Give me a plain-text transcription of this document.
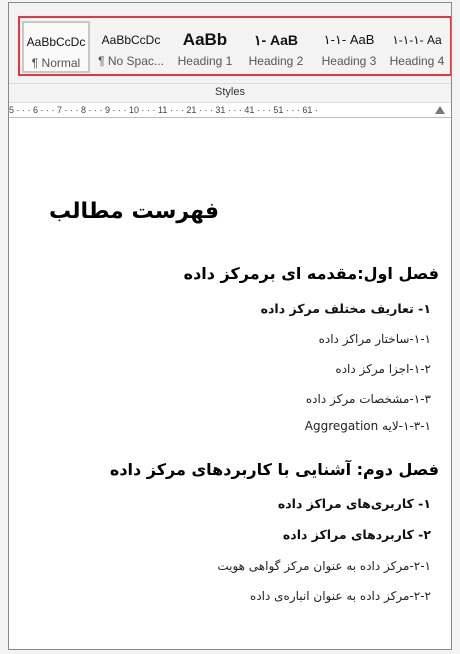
AaBbCcDc
¶ Normal
AaBbCcDc
¶ No Spac...
AaBb
Heading 1
۱- AaB
Heading 2
۱-۱- AaB
Heading 3
۱-۱-۱- Aa
Heading 4
Styles
5 · · · 6 · · · 7 · · · 8 · · · 9 · · · 10 · · · 11 · · · 21 · · · 31 · · · 41 · · · 51 · · · 61 ·
فهرست مطالب
فصل اول:مقدمه ای برمرکز داده
۱- تعاریف مختلف مرکز داده
۱-۱-ساختار مراکز داده
۱-۲-اجزا مرکز داده
۱-۳-مشخصات مرکز داده
۱-۳-۱-لایه Aggregation
فصل دوم: آشنایی با کاربردهای مرکز داده
۱- کاربری‌های مراکز داده
۲- کاربردهای مراکز داده
۲-۱-مرکز داده به عنوان مرکز گواهی هویت
۲-۲-مرکز داده به عنوان انباره‌ی داده
